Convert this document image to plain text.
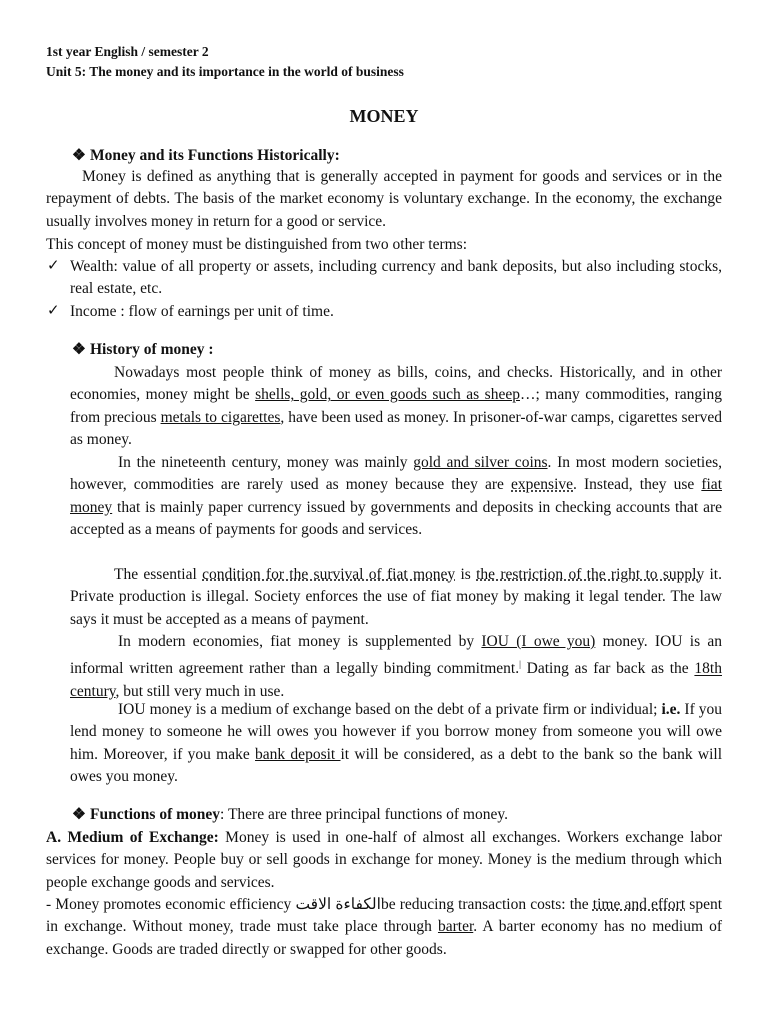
1st year English / semester 2
Unit 5: The money and its importance in the world of business
MONEY
❖ Money and its Functions Historically:

Money is defined as anything that is generally accepted in payment for goods and services or in the repayment of debts. The basis of the market economy is voluntary exchange. In the economy, the exchange usually involves money in return for a good or service.

This concept of money must be distinguished from two other terms:

✓ Wealth: value of all property or assets, including currency and bank deposits, but also including stocks, real estate, etc.

✓ Income : flow of earnings per unit of time.

❖ History of money :

Nowadays most people think of money as bills, coins, and checks. Historically, and in other economies, money might be shells, gold, or even goods such as sheep…; many commodities, ranging from precious metals to cigarettes, have been used as money. In prisoner-of-war camps, cigarettes served as money.

In the nineteenth century, money was mainly gold and silver coins. In most modern societies, however, commodities are rarely used as money because they are expensive. Instead, they use fiat money that is mainly paper currency issued by governments and deposits in checking accounts that are accepted as a means of payments for goods and services.

The essential condition for the survival of fiat money is the restriction of the right to supply it. Private production is illegal. Society enforces the use of fiat money by making it legal tender. The law says it must be accepted as a means of payment.

In modern economies, fiat money is supplemented by IOU (I owe you) money. IOU is an informal written agreement rather than a legally binding commitment.| Dating as far back as the 18th century, but still very much in use.

IOU money is a medium of exchange based on the debt of a private firm or individual; i.e. If you lend money to someone he will owes you however if you borrow money from someone you will owe him. Moreover, if you make bank deposit it will be considered, as a debt to the bank so the bank will owes you money.

❖ Functions of money: There are three principal functions of money.

A. Medium of Exchange: Money is used in one-half of almost all exchanges. Workers exchange labor services for money. People buy or sell goods in exchange for money. Money is the medium through which people exchange goods and services.

- Money promotes economic efficiency الكفاءة الاقتbe reducing transaction costs: the time and effort spent in exchange. Without money, trade must take place through barter. A barter economy has no medium of exchange. Goods are traded directly or swapped for other goods.
